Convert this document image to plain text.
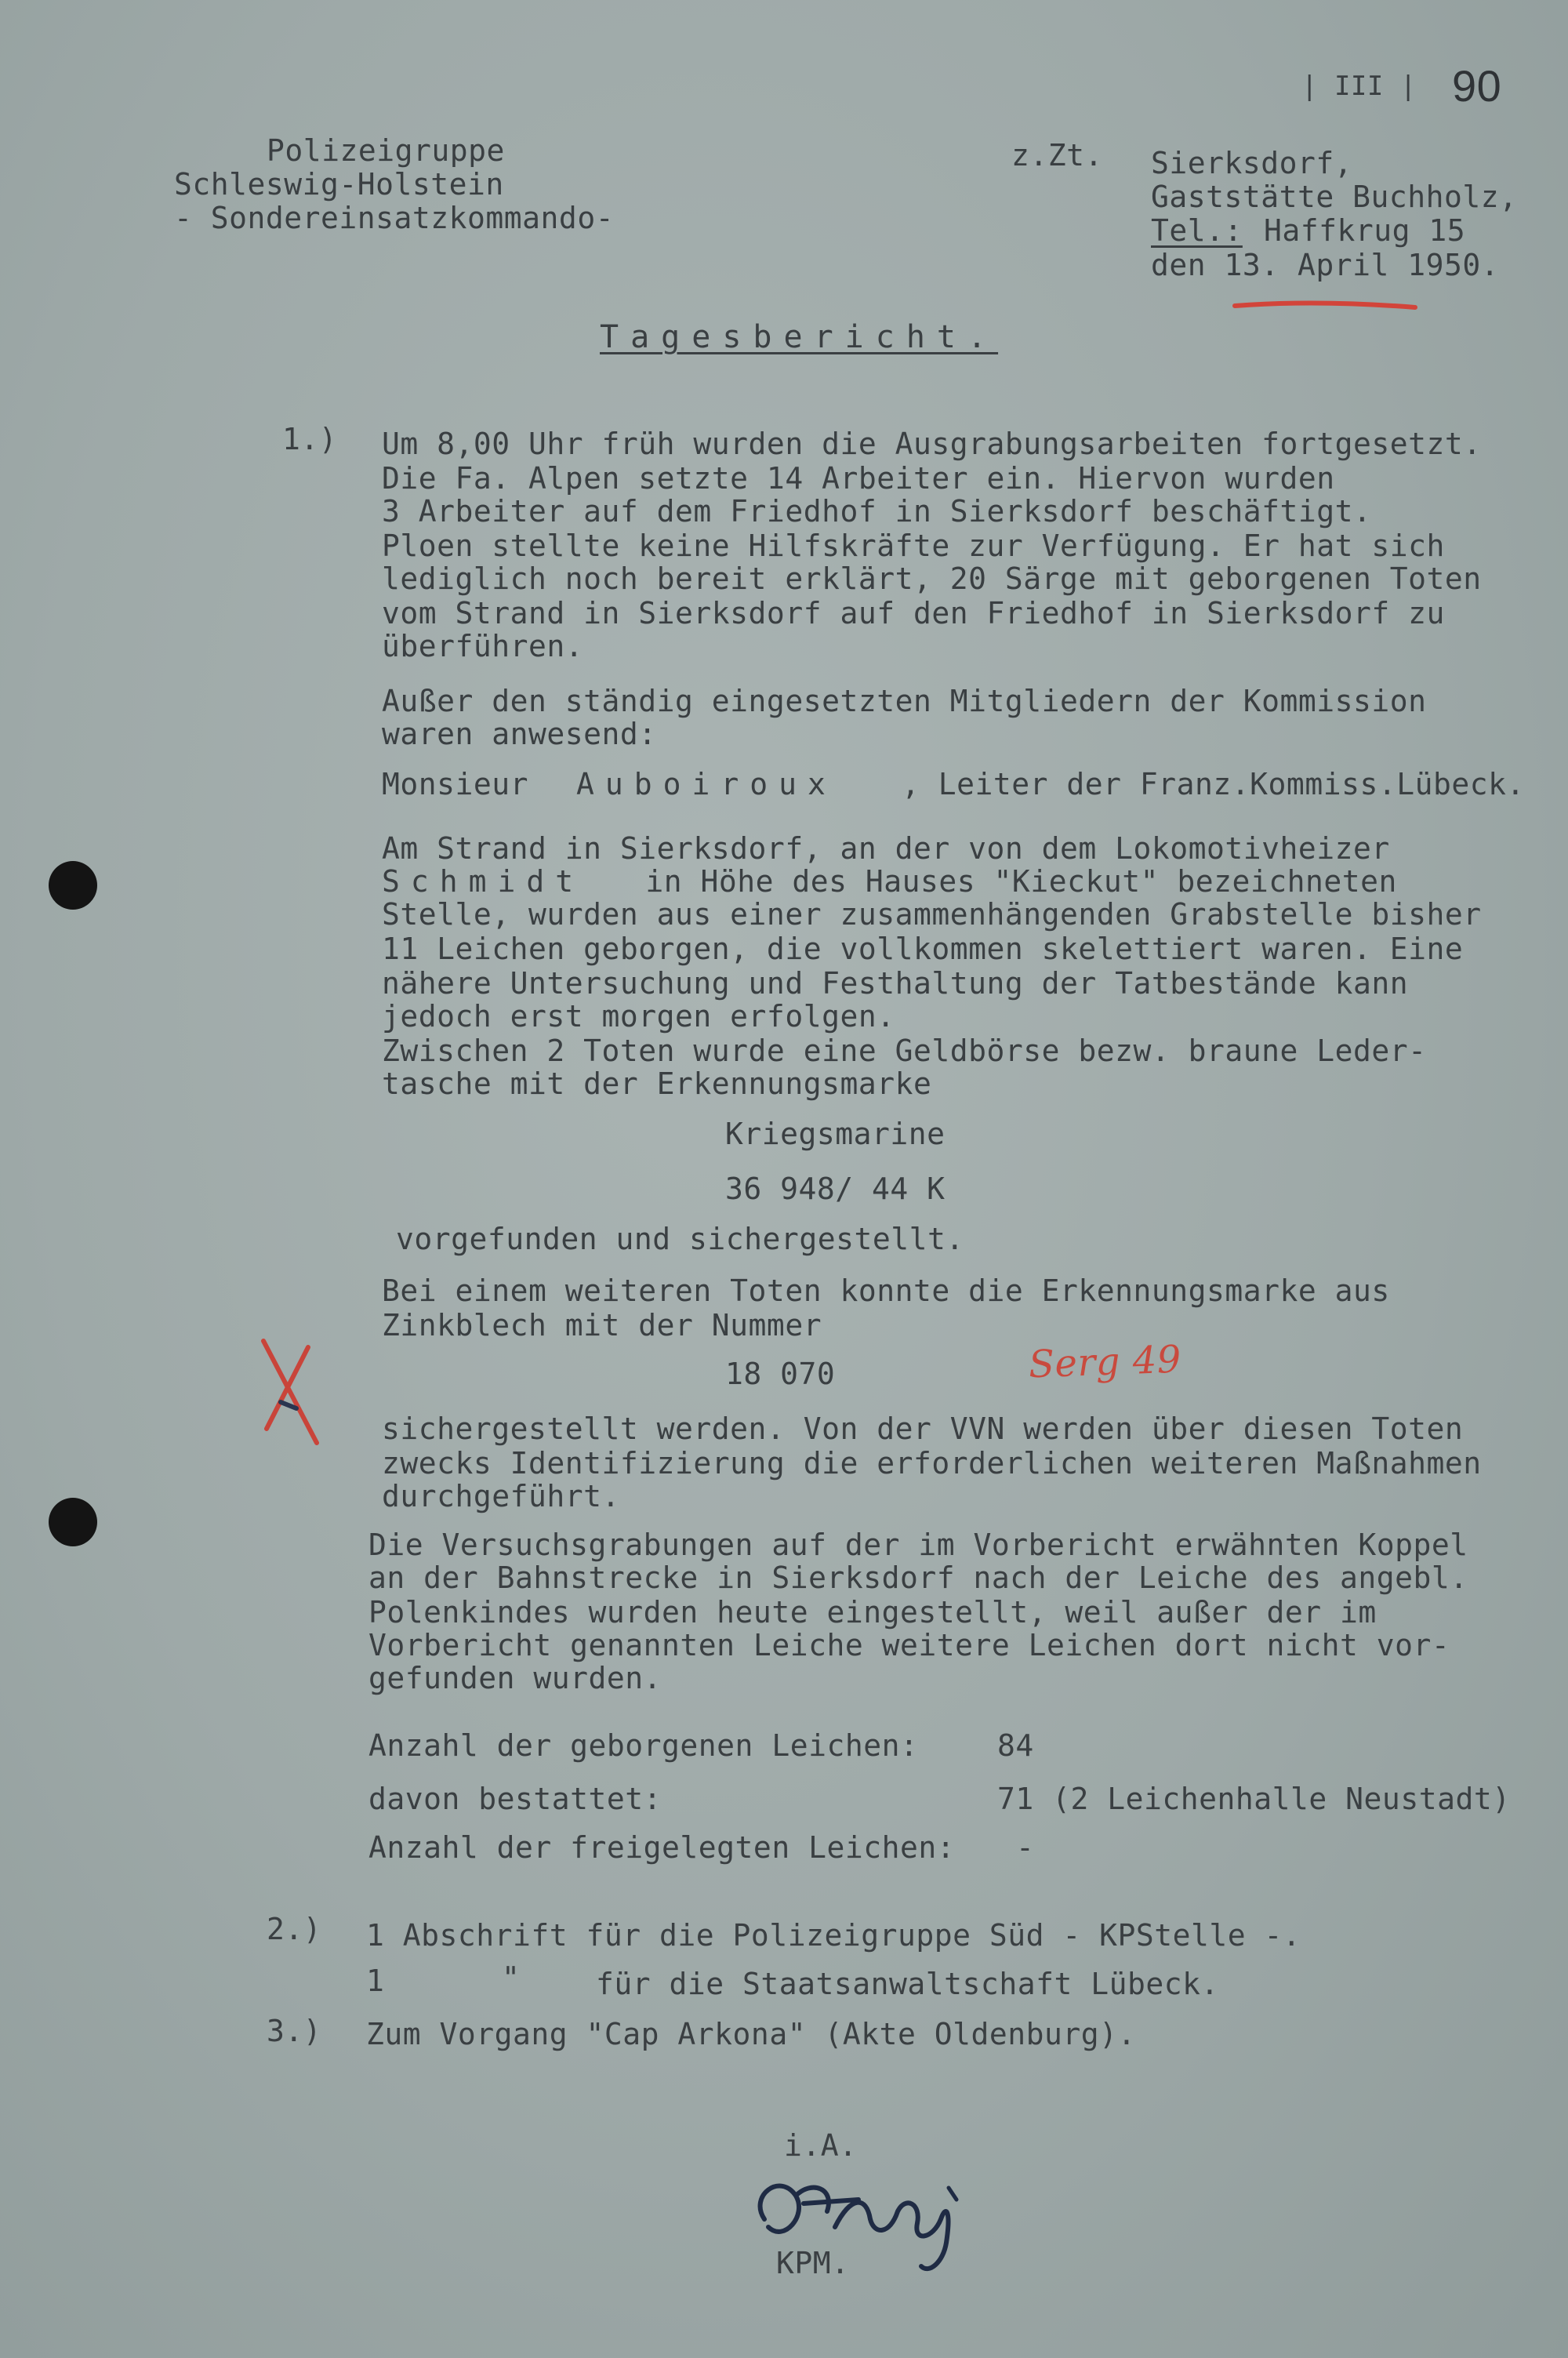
| III | 90
Polizeigruppe
Schleswig-Holstein
- Sondereinsatzkommando-
z.Zt. Sierksdorf,
Gaststätte Buchholz,
Tel.: Haffkrug 15
den 13. April 1950.
Tagesbericht.
1.) Um 8,00 Uhr früh wurden die Ausgrabungsarbeiten fortgesetzt.
Die Fa. Alpen setzte 14 Arbeiter ein. Hiervon wurden
3 Arbeiter auf dem Friedhof in Sierksdorf beschäftigt.
Ploen stellte keine Hilfskräfte zur Verfügung. Er hat sich
lediglich noch bereit erklärt, 20 Särge mit geborgenen Toten
vom Strand in Sierksdorf auf den Friedhof in Sierksdorf zu
überführen.
Außer den ständig eingesetzten Mitgliedern der Kommission
waren anwesend:
Monsieur Auboiroux , Leiter der Franz.Kommiss.Lübeck.
Am Strand in Sierksdorf, an der von dem Lokomotivheizer
Schmidt in Höhe des Hauses "Kieckut" bezeichneten
Stelle, wurden aus einer zusammenhängenden Grabstelle bisher
11 Leichen geborgen, die vollkommen skelettiert waren. Eine
nähere Untersuchung und Festhaltung der Tatbestände kann
jedoch erst morgen erfolgen.
Zwischen 2 Toten wurde eine Geldbörse bezw. braune Leder-
tasche mit der Erkennungsmarke
Kriegsmarine
36 948/ 44 K
vorgefunden und sichergestellt.
Bei einem weiteren Toten konnte die Erkennungsmarke aus
Zinkblech mit der Nummer
18 070	Serg 49
sichergestellt werden. Von der VVN werden über diesen Toten
zwecks Identifizierung die erforderlichen weiteren Maßnahmen
durchgeführt.
Die Versuchsgrabungen auf der im Vorbericht erwähnten Koppel
an der Bahnstrecke in Sierksdorf nach der Leiche des angebl.
Polenkindes wurden heute eingestellt, weil außer der im
Vorbericht genannten Leiche weitere Leichen dort nicht vor-
gefunden wurden.
Anzahl der geborgenen Leichen:	84
davon bestattet:	71 (2 Leichenhalle Neustadt)
Anzahl der freigelegten Leichen: -
2.) 1 Abschrift für die Polizeigruppe Süd - KPStelle -.
1	"	für die Staatsanwaltschaft Lübeck.
3.) Zum Vorgang "Cap Arkona" (Akte Oldenburg).
i.A.
KPM.
